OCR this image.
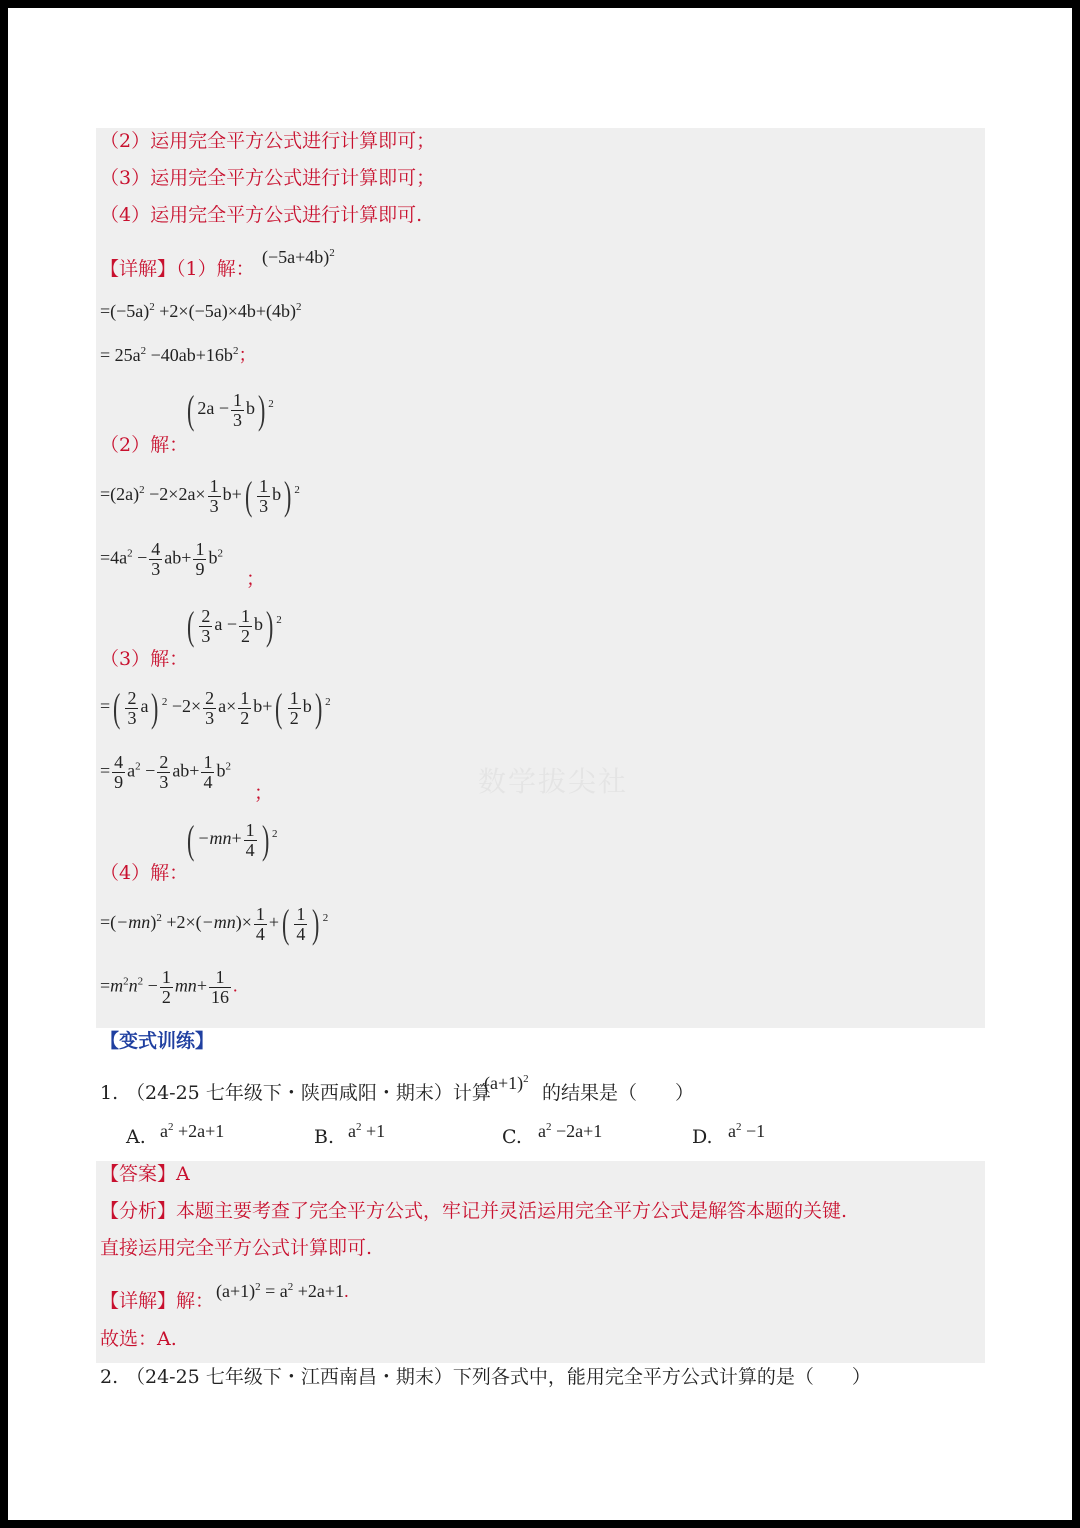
数学拔尖社
（2）运用完全平方公式进行计算即可；
（3）运用完全平方公式进行计算即可；
（4）运用完全平方公式进行计算即可.
【详解】（1）解：
$(-5a+4b)^2$
$=(-5a)^2 +2\times(-5a)\times 4b+(4b)^2$
= $25a^2 -40ab+16b^2$；
( $2a - \frac{1}{3} b$) $^2$
（2）解：
$=(2a)^2 -2\times 2a\times \frac{1}{3} b+( \frac{1}{3} b)$ $^2$
$=4a^2 - \frac{4}{3} ab+ \frac{1}{9} b^2$
；
( $\frac{2}{3}$ $a - \frac{1}{2} b$) $^2$
（3）解：
=( $\frac{2}{3} a$) $^2 -2\times \frac{2}{3} a\times \frac{1}{2} b+( \frac{1}{2} b)$ $^2$
= $\frac{4}{9} a^2 - \frac{2}{3} ab+ \frac{1}{4} b^2$
；
( $-mn+ \frac{1}{4}$ ) $^2$
（4）解：
$=(-mn)^2 +2\times(-mn)\times \frac{1}{4}$ +( $\frac{1}{4}$ ) $^2$
$=m^2n^2 - \frac{1}{2} mn+ \frac{1}{16}$ .
【变式训练】
1. （24-25 七年级下・陕西咸阳・期末）计算
$(a+1)^2$
的结果是（　　）
A. $a^2 +2a+1$	B. $a^2 +1$	C. $a^2 -2a+1$	D. $a^2 -1$
【答案】A
【分析】本题主要考查了完全平方公式，牢记并灵活运用完全平方公式是解答本题的关键.
直接运用完全平方公式计算即可.
【详解】解： $(a+1)^2 = a^2 +2a+1$.
故选：A.
2. （24-25 七年级下・江西南昌・期末）下列各式中，能用完全平方公式计算的是（　　）
